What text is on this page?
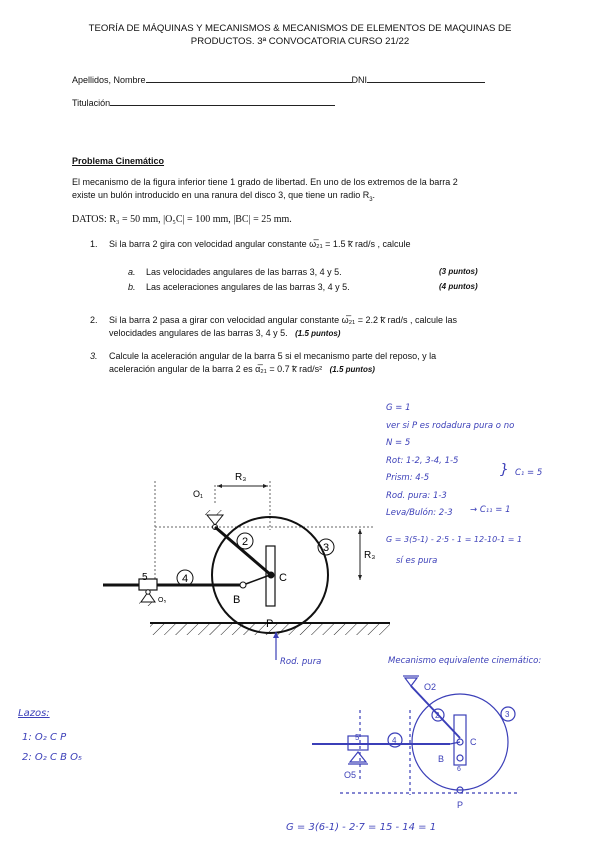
TEORÍA DE MÁQUINAS Y MECANISMOS & MECANISMOS DE ELEMENTOS DE MAQUINAS DE
PRODUCTOS. 3ª CONVOCATORIA CURSO 21/22
Apellidos, Nombre	DNI
Titulación
Problema Cinemático
El mecanismo de la figura inferior tiene 1 grado de libertad. En uno de los extremos de la barra 2
existe un bulón introducido en una ranura del disco 3, que tiene un radio $R_3$.
DATOS: R₃ = 50 mm, |O₅C| = 100 mm, |BC| = 25 mm.
1. Si la barra 2 gira con velocidad angular constante ω̅₂₁ = 1.5 k̅ rad/s , calcule
a. Las velocidades angulares de las barras 3, 4 y 5.	(3 puntos)
b. Las aceleraciones angulares de las barras 3, 4 y 5.	(4 puntos)
2. Si la barra 2 pasa a girar con velocidad angular constante ω̅₂₁ = 2.2 k̅ rad/s , calcule las
velocidades angulares de las barras 3, 4 y 5. (1.5 puntos)
3. Calcule la aceleración angular de la barra 5 si el mecanismo parte del reposo, y la
aceleración angular de la barra 2 es α̅₂₁ = 0.7 k̅ rad/s² (1.5 puntos)
R₃
R₃
O₁
2	3
4
5
O₅	B
C
P
G = 1
ver si P es rodadura pura o no
N = 5
Rot: 1-2, 3-4, 1-5
Prism: 4-5
Rod. pura: 1-3
Leva/Bulón: 2-3
} C₁ = 5
→ C₁₁ = 1
G = 3(5-1) - 2·5 - 1 = 12-10-1 = 1
sí es pura
Rod. pura
Lazos:
1: O₂ C P
2: O₂ C B O₅
Mecanismo equivalente cinemático:
O2
2	3
4
5
6
C
B
O5
P
G = 3(6-1) - 2·7 = 15 - 14 = 1
